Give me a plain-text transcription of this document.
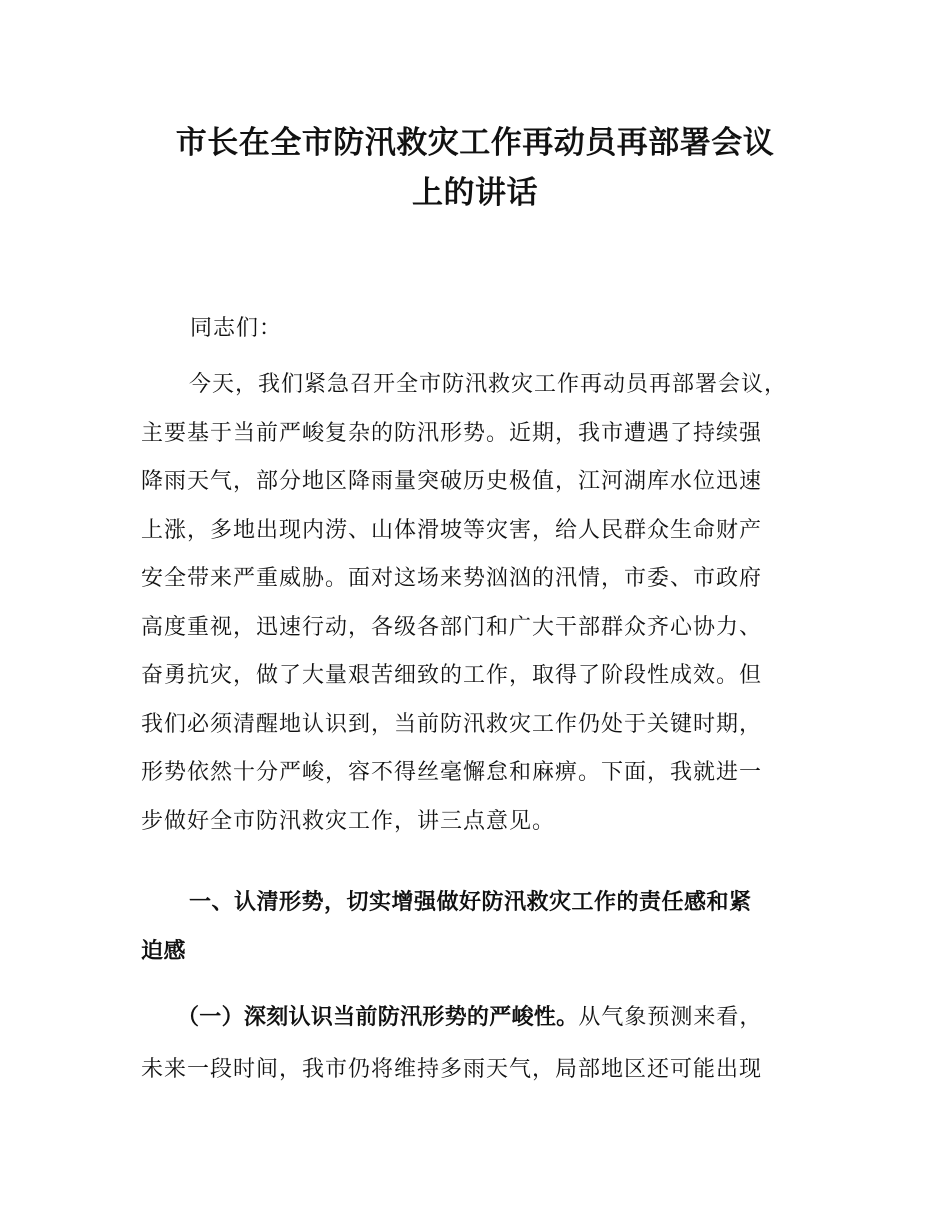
市长在全市防汛救灾工作再动员再部署会议
上的讲话

同志们：

今天，我们紧急召开全市防汛救灾工作再动员再部署会议，
主要基于当前严峻复杂的防汛形势。近期，我市遭遇了持续强
降雨天气，部分地区降雨量突破历史极值，江河湖库水位迅速
上涨，多地出现内涝、山体滑坡等灾害，给人民群众生命财产
安全带来严重威胁。面对这场来势汹汹的汛情，市委、市政府
高度重视，迅速行动，各级各部门和广大干部群众齐心协力、
奋勇抗灾，做了大量艰苦细致的工作，取得了阶段性成效。但
我们必须清醒地认识到，当前防汛救灾工作仍处于关键时期，
形势依然十分严峻，容不得丝毫懈怠和麻痹。下面，我就进一
步做好全市防汛救灾工作，讲三点意见。

一、认清形势，切实增强做好防汛救灾工作的责任感和紧
迫感

（一）深刻认识当前防汛形势的严峻性。从气象预测来看，
未来一段时间，我市仍将维持多雨天气，局部地区还可能出现
